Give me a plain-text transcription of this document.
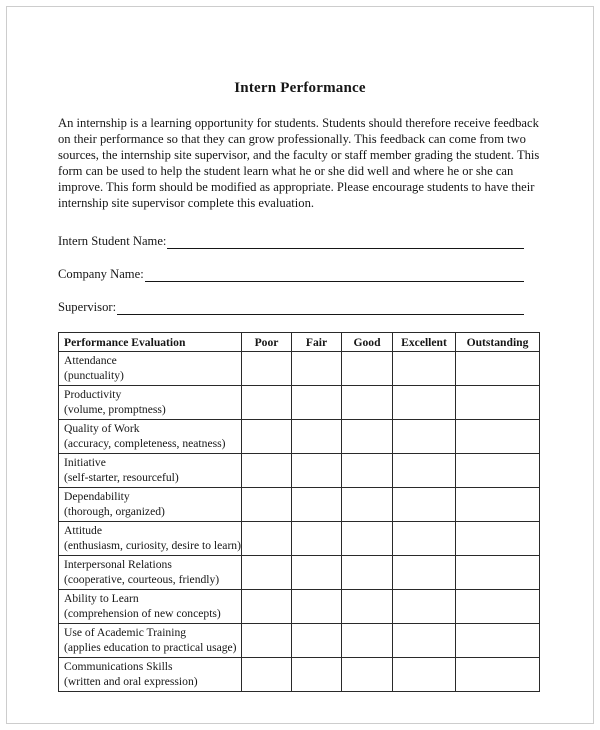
Intern Performance

An internship is a learning opportunity for students. Students should therefore receive feedback on their performance so that they can grow professionally. This feedback can come from two sources, the internship site supervisor, and the faculty or staff member grading the student. This form can be used to help the student learn what he or she did well and where he or she can improve. This form should be modified as appropriate. Please encourage students to have their internship site supervisor complete this evaluation.

Intern Student Name:
Company Name:
Supervisor:
Performance Evaluation	Poor	Fair	Good	Excellent	Outstanding

Attendance
(punctuality)					

Productivity
(volume, promptness)					

Quality of Work
(accuracy, completeness, neatness)					

Initiative
(self-starter, resourceful)					

Dependability
(thorough, organized)					

Attitude
(enthusiasm, curiosity, desire to learn)					

Interpersonal Relations
(cooperative, courteous, friendly)					

Ability to Learn
(comprehension of new concepts)					

Use of Academic Training
(applies education to practical usage)					

Communications Skills
(written and oral expression)					
